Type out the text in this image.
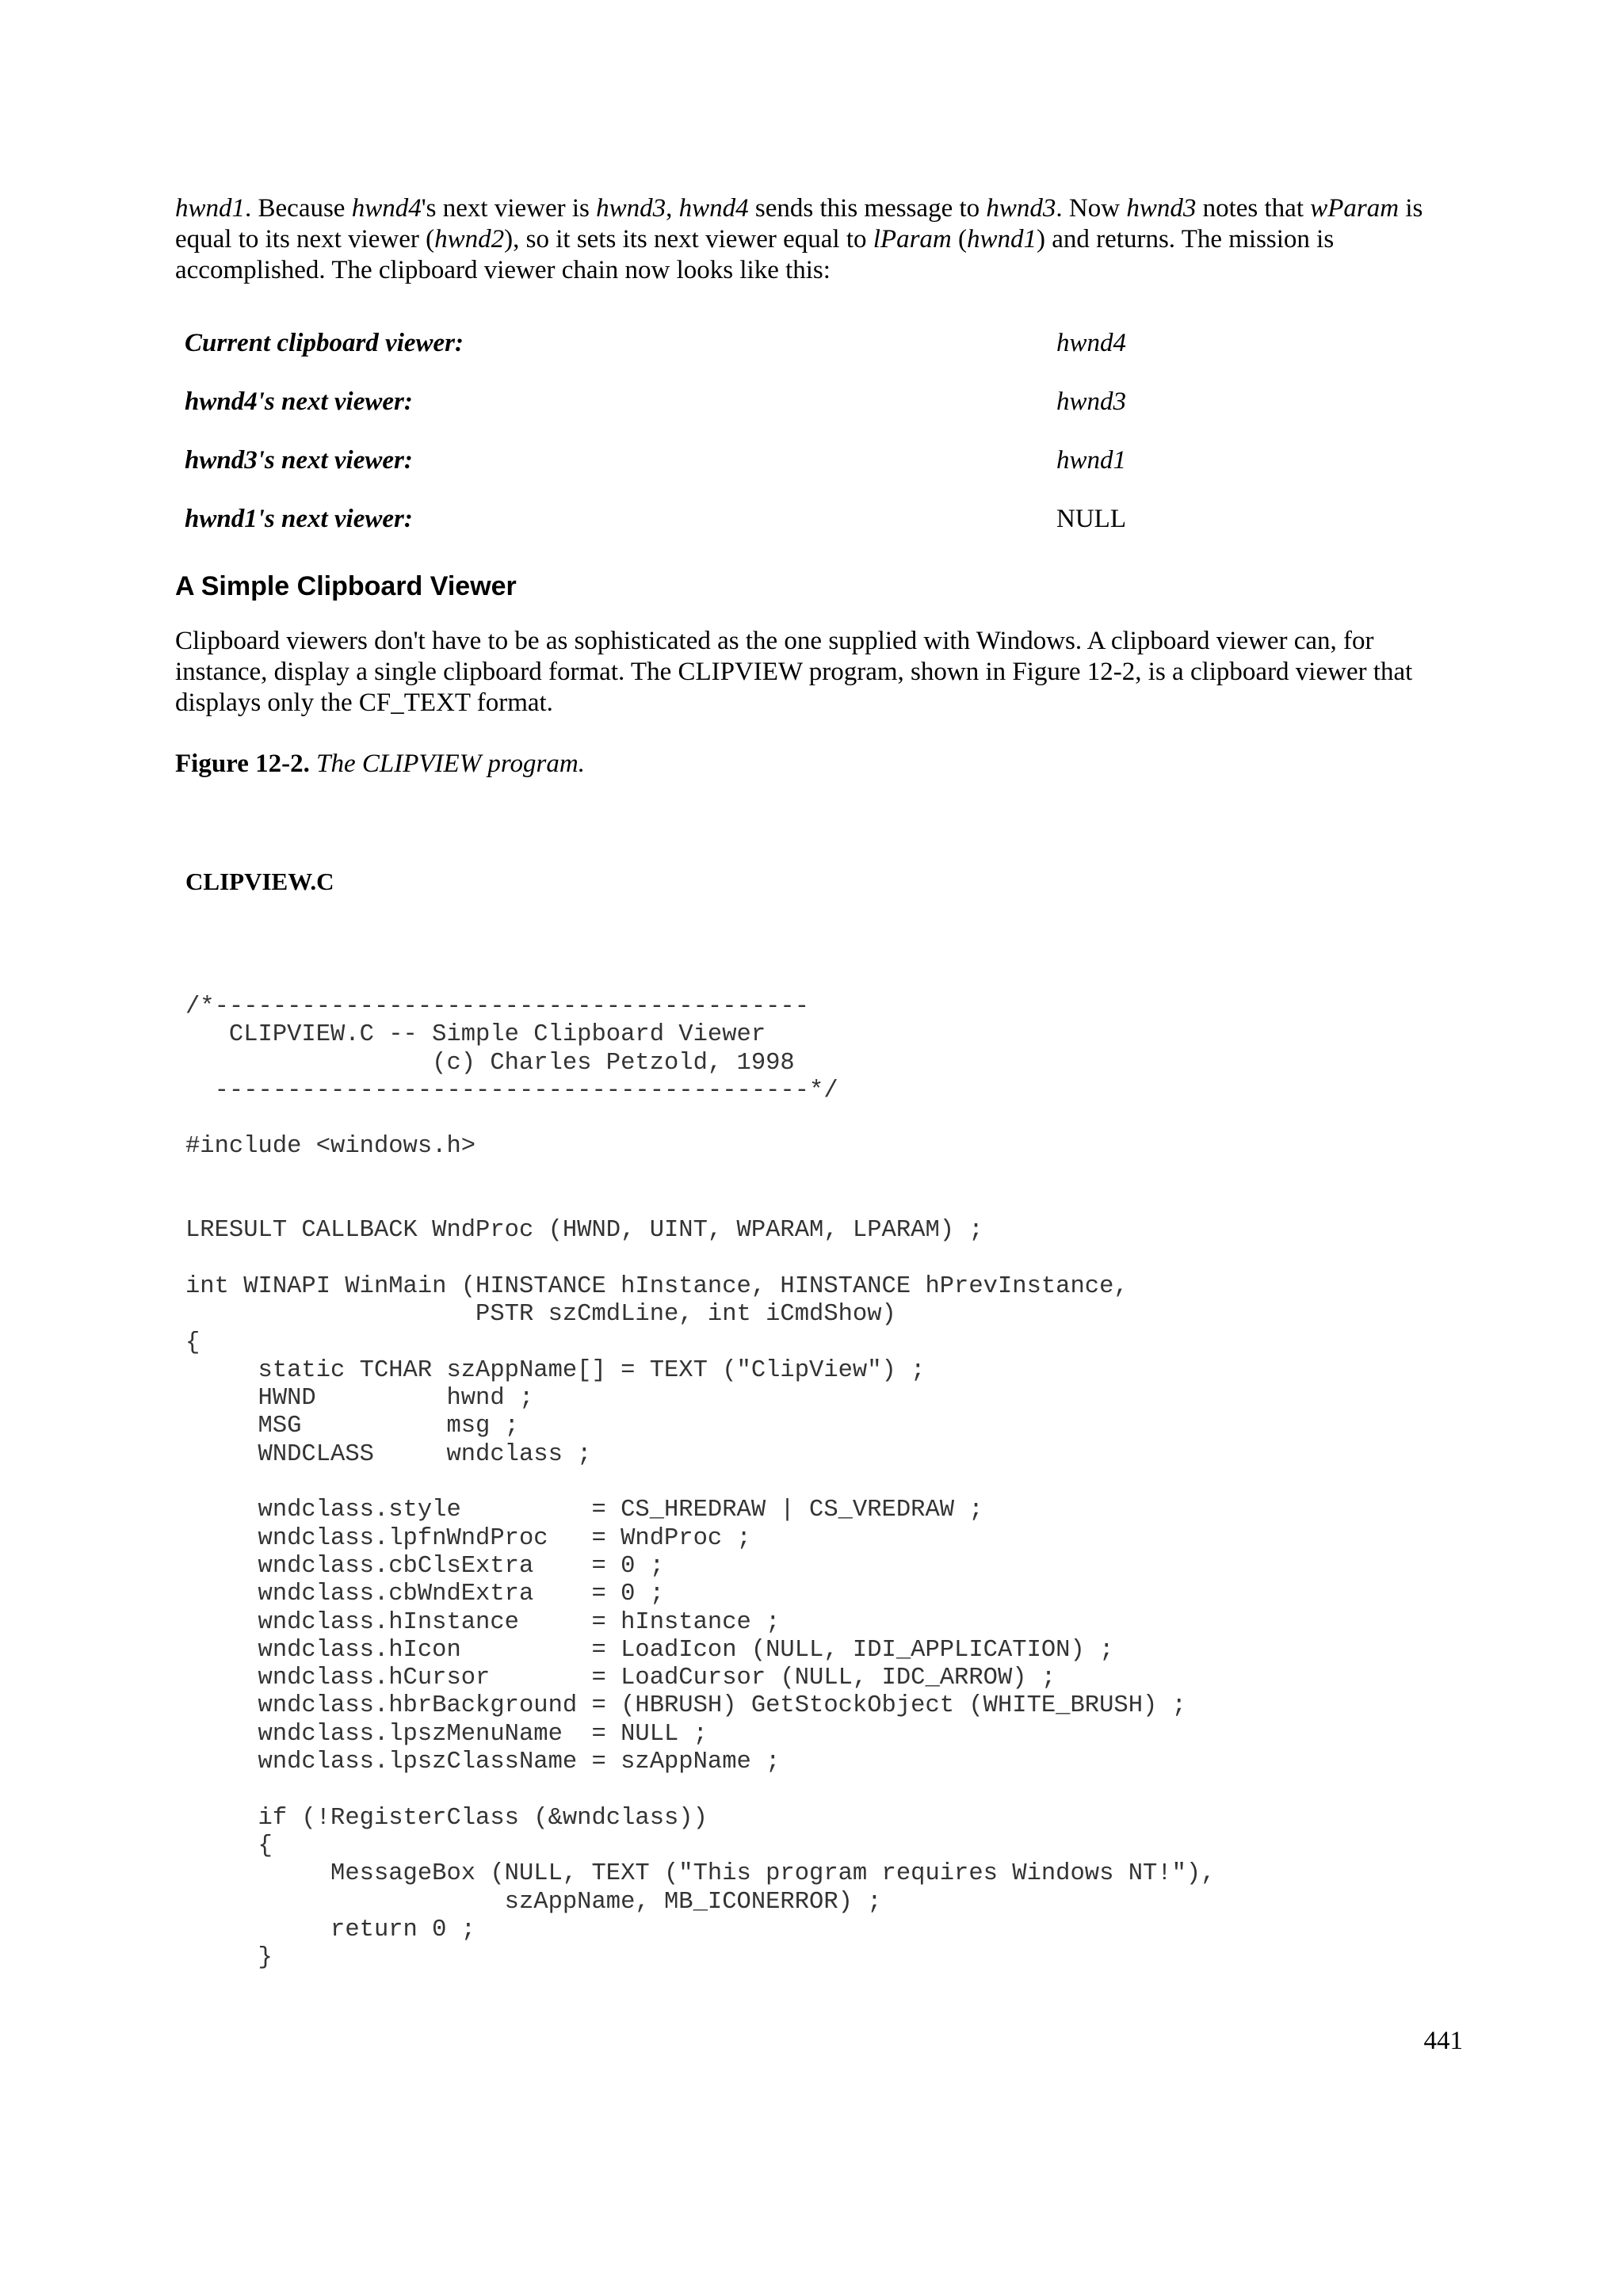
hwnd1. Because hwnd4's next viewer is hwnd3, hwnd4 sends this message to hwnd3. Now hwnd3 notes that wParam is equal to its next viewer (hwnd2), so it sets its next viewer equal to lParam (hwnd1) and returns. The mission is accomplished. The clipboard viewer chain now looks like this:

Current clipboard viewer:	hwnd4
hwnd4's next viewer:	hwnd3
hwnd3's next viewer:	hwnd1
hwnd1's next viewer:	NULL
A Simple Clipboard Viewer

Clipboard viewers don't have to be as sophisticated as the one supplied with Windows. A clipboard viewer can, for instance, display a single clipboard format. The CLIPVIEW program, shown in Figure 12-2, is a clipboard viewer that displays only the CF_TEXT format.

Figure 12-2. The CLIPVIEW program.

CLIPVIEW.C

/*-----------------------------------------
CLIPVIEW.C -- Simple Clipboard Viewer
(c) Charles Petzold, 1998
-----------------------------------------*/

#include <windows.h>

LRESULT CALLBACK WndProc (HWND, UINT, WPARAM, LPARAM) ;

int WINAPI WinMain (HINSTANCE hInstance, HINSTANCE hPrevInstance,
PSTR szCmdLine, int iCmdShow)
{
static TCHAR szAppName[] = TEXT ("ClipView") ;
HWND         hwnd ;
MSG          msg ;
WNDCLASS     wndclass ;

wndclass.style         = CS_HREDRAW | CS_VREDRAW ;
wndclass.lpfnWndProc   = WndProc ;
wndclass.cbClsExtra    = 0 ;
wndclass.cbWndExtra    = 0 ;
wndclass.hInstance     = hInstance ;
wndclass.hIcon         = LoadIcon (NULL, IDI_APPLICATION) ;
wndclass.hCursor       = LoadCursor (NULL, IDC_ARROW) ;
wndclass.hbrBackground = (HBRUSH) GetStockObject (WHITE_BRUSH) ;
wndclass.lpszMenuName  = NULL ;
wndclass.lpszClassName = szAppName ;

if (!RegisterClass (&wndclass))
{
MessageBox (NULL, TEXT ("This program requires Windows NT!"),
szAppName, MB_ICONERROR) ;
return 0 ;
}

441
